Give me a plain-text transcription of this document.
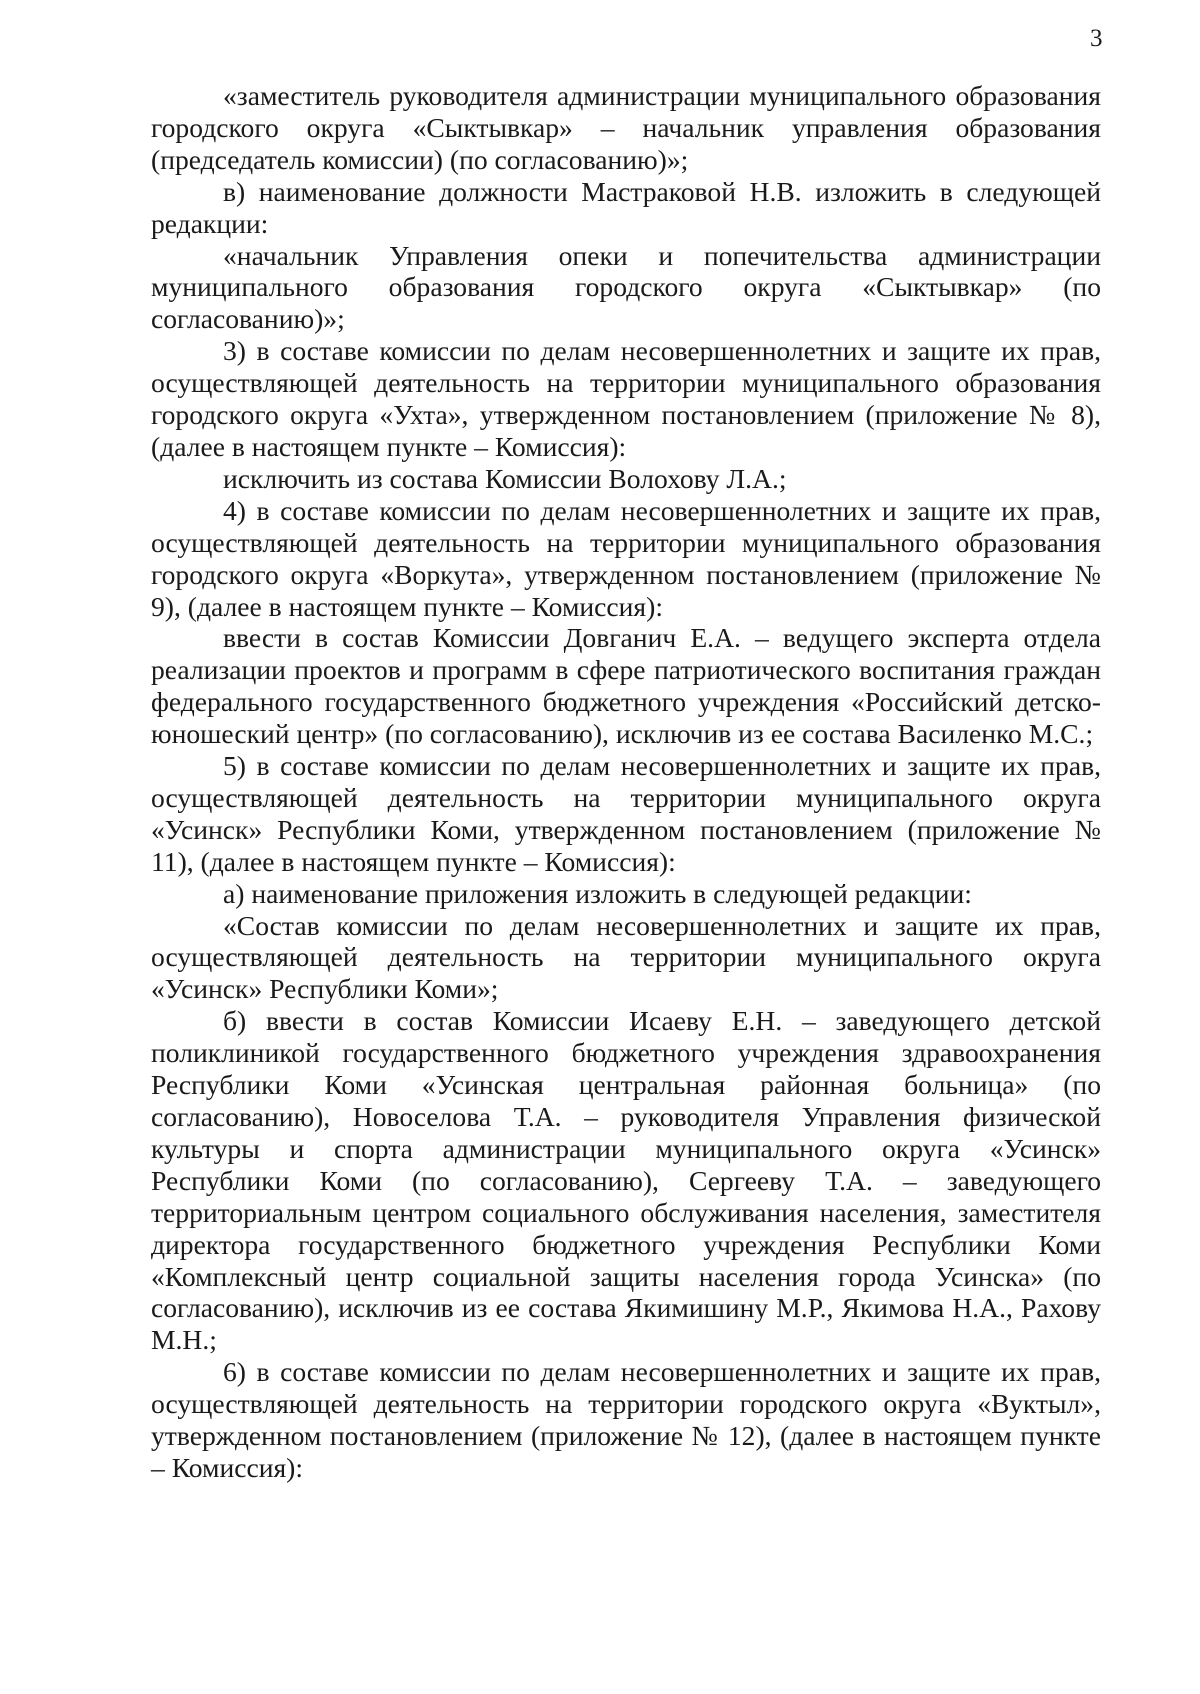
3

«заместитель руководителя администрации муниципального образования городского округа «Сыктывкар» – начальник управления образования (председатель комиссии) (по согласованию)»;

в) наименование должности Мастраковой Н.В. изложить в следующей редакции:

«начальник Управления опеки и попечительства администрации муниципального образования городского округа «Сыктывкар» (по согласованию)»;

3) в составе комиссии по делам несовершеннолетних и защите их прав, осуществляющей деятельность на территории муниципального образования городского округа «Ухта», утвержденном постановлением (приложение № 8), (далее в настоящем пункте – Комиссия):

исключить из состава Комиссии Волохову Л.А.;

4) в составе комиссии по делам несовершеннолетних и защите их прав, осуществляющей деятельность на территории муниципального образования городского округа «Воркута», утвержденном постановлением (приложение № 9), (далее в настоящем пункте – Комиссия):

ввести в состав Комиссии Довганич Е.А. – ведущего эксперта отдела реализации проектов и программ в сфере патриотического воспитания граждан федерального государственного бюджетного учреждения «Российский детско-юношеский центр» (по согласованию), исключив из ее состава Василенко М.С.;

5) в составе комиссии по делам несовершеннолетних и защите их прав, осуществляющей деятельность на территории муниципального округа «Усинск» Республики Коми, утвержденном постановлением (приложение № 11), (далее в настоящем пункте – Комиссия):

а) наименование приложения изложить в следующей редакции:

«Состав комиссии по делам несовершеннолетних и защите их прав, осуществляющей деятельность на территории муниципального округа «Усинск» Республики Коми»;

б) ввести в состав Комиссии Исаеву Е.Н. – заведующего детской поликлиникой государственного бюджетного учреждения здравоохранения Республики Коми «Усинская центральная районная больница» (по согласованию), Новоселова Т.А. – руководителя Управления физической культуры и спорта администрации муниципального округа «Усинск» Республики Коми (по согласованию), Сергееву Т.А. – заведующего территориальным центром социального обслуживания населения, заместителя директора государственного бюджетного учреждения Республики Коми «Комплексный центр социальной защиты населения города Усинска» (по согласованию), исключив из ее состава Якимишину М.Р., Якимова Н.А., Рахову М.Н.;

6) в составе комиссии по делам несовершеннолетних и защите их прав, осуществляющей деятельность на территории городского округа «Вуктыл», утвержденном постановлением (приложение № 12), (далее в настоящем пункте – Комиссия):
